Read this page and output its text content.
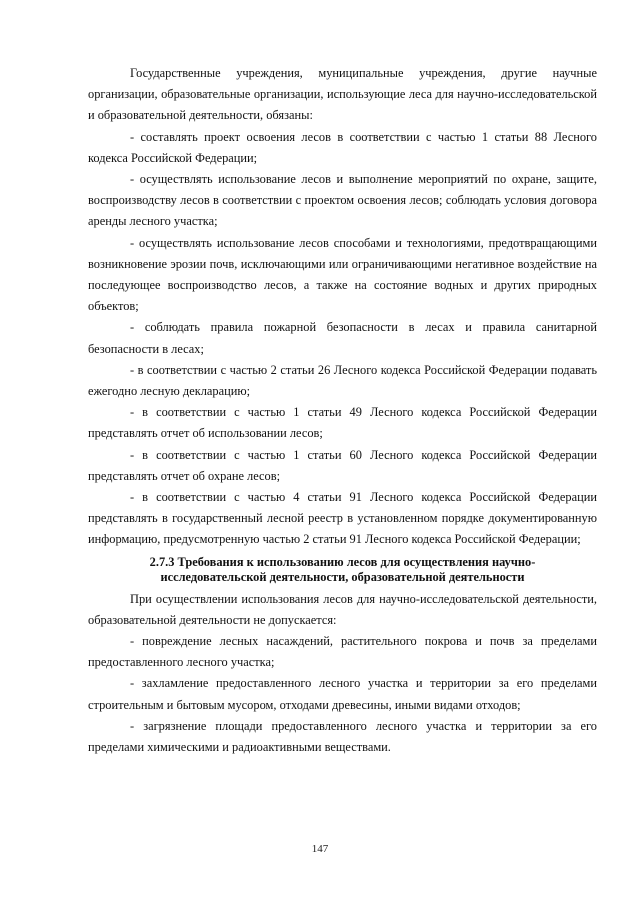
Государственные учреждения, муниципальные учреждения, другие научные организации, образовательные организации, использующие леса для научно-исследовательской и образовательной деятельности, обязаны:

- составлять проект освоения лесов в соответствии с частью 1 статьи 88 Лесного кодекса Российской Федерации;

- осуществлять использование лесов и выполнение мероприятий по охране, защите, воспроизводству лесов в соответствии с проектом освоения лесов; соблюдать условия договора аренды лесного участка;

- осуществлять использование лесов способами и технологиями, предотвращающими возникновение эрозии почв, исключающими или ограничивающими негативное воздействие на последующее воспроизводство лесов, а также на состояние водных и других природных объектов;

- соблюдать правила пожарной безопасности в лесах и правила санитарной безопасности в лесах;

- в соответствии с частью 2 статьи 26 Лесного кодекса Российской Федерации подавать ежегодно лесную декларацию;

- в соответствии с частью 1 статьи 49 Лесного кодекса Российской Федерации представлять отчет об использовании лесов;

- в соответствии с частью 1 статьи 60 Лесного кодекса Российской Федерации представлять отчет об охране лесов;

- в соответствии с частью 4 статьи 91 Лесного кодекса Российской Федерации представлять в государственный лесной реестр в установленном порядке документированную информацию, предусмотренную частью 2 статьи 91 Лесного кодекса Российской Федерации;

2.7.3 Требования к использованию лесов для осуществления научно-
исследовательской деятельности, образовательной деятельности

При осуществлении использования лесов для научно-исследовательской деятельности, образовательной деятельности не допускается:

- повреждение лесных насаждений, растительного покрова и почв за пределами предоставленного лесного участка;

- захламление предоставленного лесного участка и территории за его пределами строительным и бытовым мусором, отходами древесины, иными видами отходов;

- загрязнение площади предоставленного лесного участка и территории за его пределами химическими и радиоактивными веществами.

147
